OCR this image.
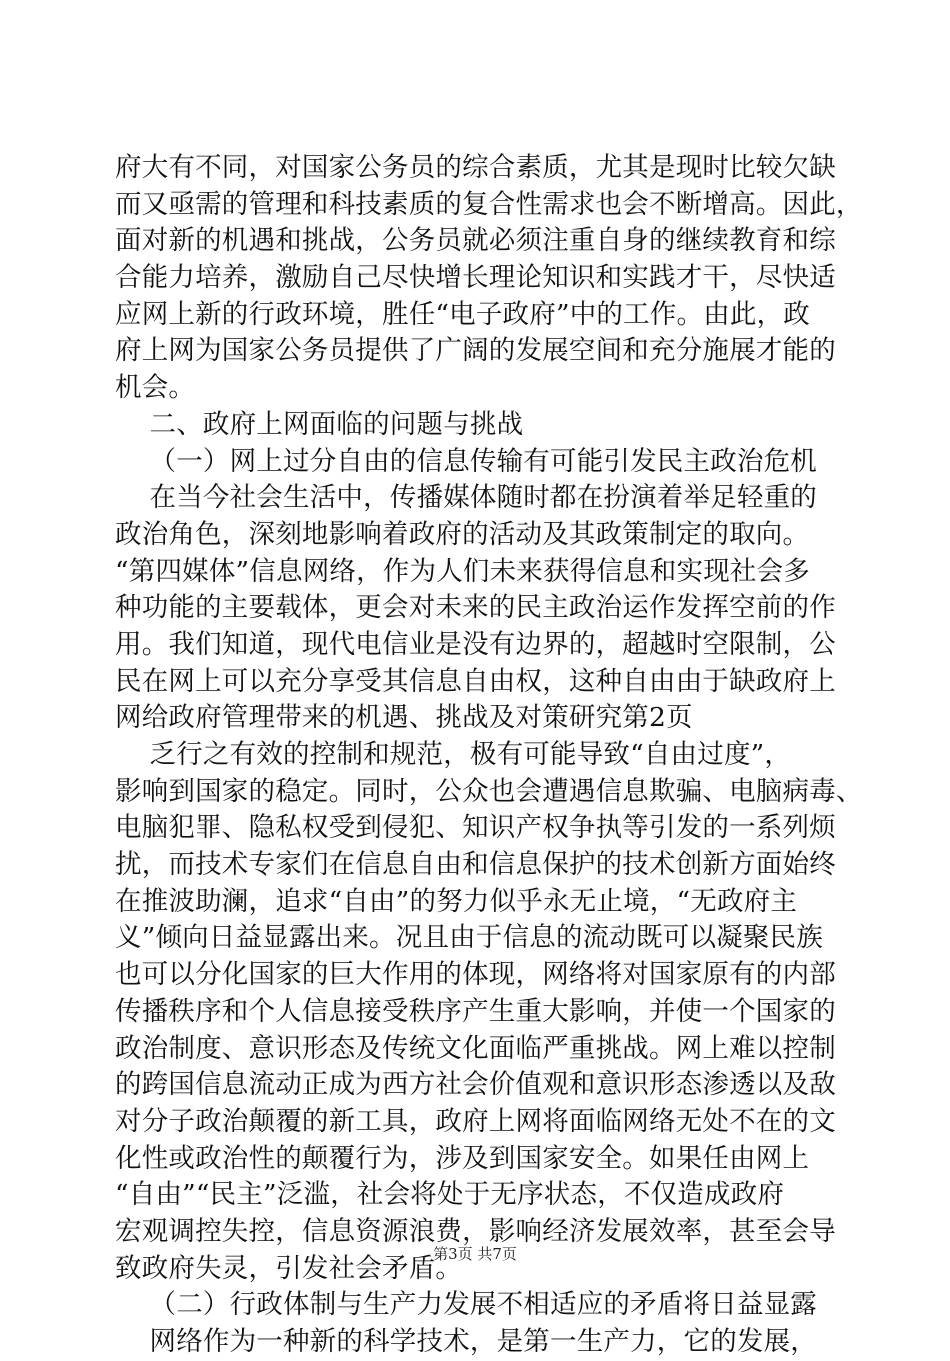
府大有不同，对国家公务员的综合素质，尤其是现时比较欠缺
而又亟需的管理和科技素质的复合性需求也会不断增高。因此，
面对新的机遇和挑战，公务员就必须注重自身的继续教育和综
合能力培养，激励自己尽快增长理论知识和实践才干，尽快适
应网上新的行政环境，胜任“电子政府”中的工作。由此，政
府上网为国家公务员提供了广阔的发展空间和充分施展才能的
机会。
二、政府上网面临的问题与挑战
（一）网上过分自由的信息传输有可能引发民主政治危机
在当今社会生活中，传播媒体随时都在扮演着举足轻重的
政治角色，深刻地影响着政府的活动及其政策制定的取向。
“第四媒体”信息网络，作为人们未来获得信息和实现社会多
种功能的主要载体，更会对未来的民主政治运作发挥空前的作
用。我们知道，现代电信业是没有边界的，超越时空限制，公
民在网上可以充分享受其信息自由权，这种自由由于缺政府上
网给政府管理带来的机遇、挑战及对策研究第2页
乏行之有效的控制和规范，极有可能导致“自由过度”，
影响到国家的稳定。同时，公众也会遭遇信息欺骗、电脑病毒、
电脑犯罪、隐私权受到侵犯、知识产权争执等引发的一系列烦
扰，而技术专家们在信息自由和信息保护的技术创新方面始终
在推波助澜，追求“自由”的努力似乎永无止境，“无政府主
义”倾向日益显露出来。况且由于信息的流动既可以凝聚民族
也可以分化国家的巨大作用的体现，网络将对国家原有的内部
传播秩序和个人信息接受秩序产生重大影响，并使一个国家的
政治制度、意识形态及传统文化面临严重挑战。网上难以控制
的跨国信息流动正成为西方社会价值观和意识形态渗透以及敌
对分子政治颠覆的新工具，政府上网将面临网络无处不在的文
化性或政治性的颠覆行为，涉及到国家安全。如果任由网上
“自由”“民主”泛滥，社会将处于无序状态，不仅造成政府
宏观调控失控，信息资源浪费，影响经济发展效率，甚至会导
致政府失灵，引发社会矛盾。
（二）行政体制与生产力发展不相适应的矛盾将日益显露
网络作为一种新的科学技术，是第一生产力，它的发展，
第3页 共7页
